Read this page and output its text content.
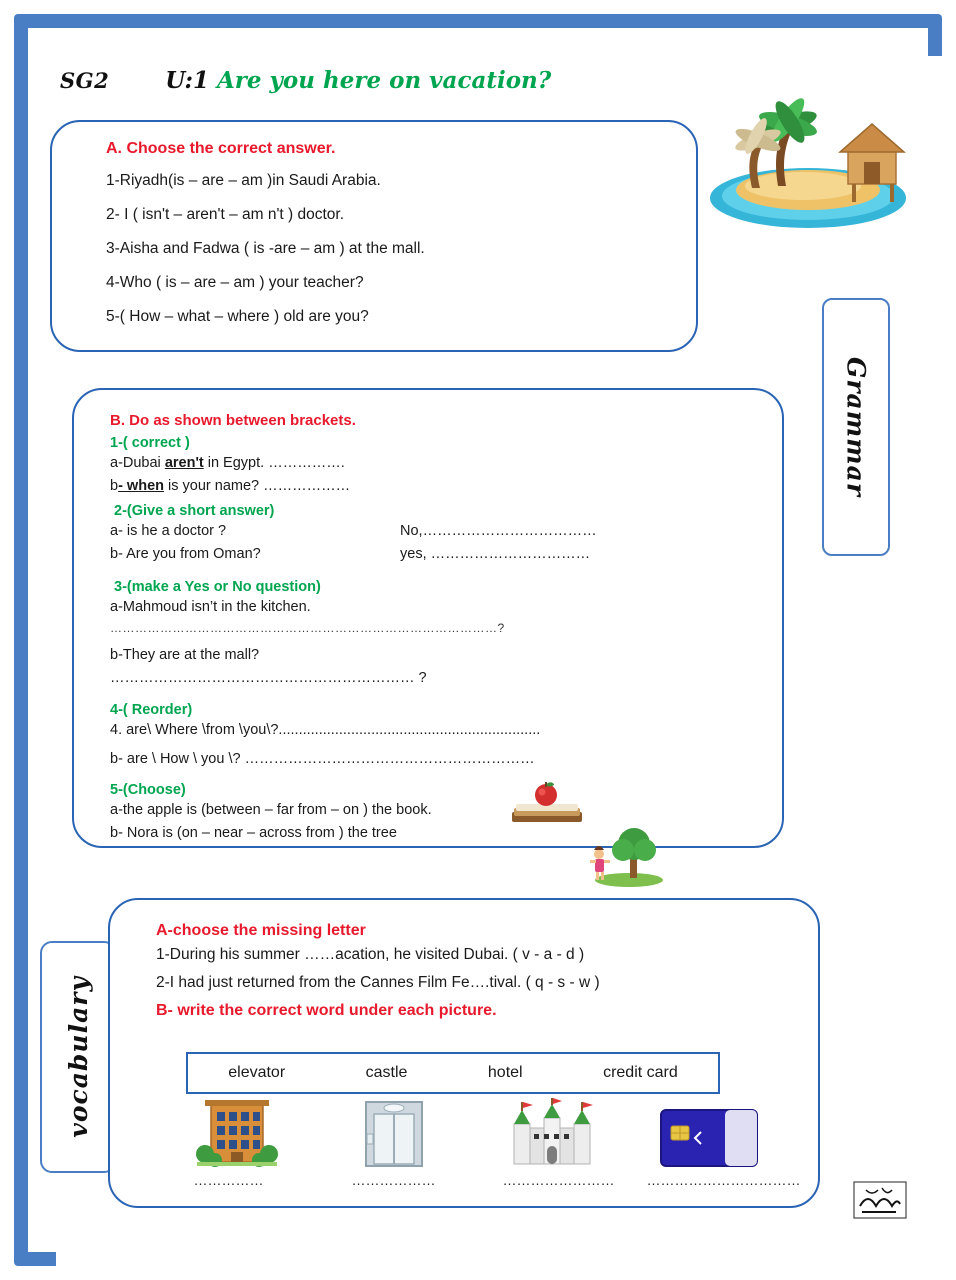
SG2 U:1 Are you here on vacation?
Grammar
vocabulary
A. Choose the correct answer.
1-Riyadh(is – are – am )in Saudi Arabia.
2- I ( isn't – aren't – am n't ) doctor.
3-Aisha and Fadwa ( is -are – am ) at the mall.
4-Who ( is – are – am ) your teacher?
5-( How – what – where ) old are you?
B. Do as shown between brackets.
1-( correct )
a-Dubai aren't in Egypt. …………….
b- when is your name? ………………
2-(Give a short answer)
a- is he a doctor ?	No,………………………………
b- Are you from Oman?	yes, ……………………………
3-(make a Yes or No question)
a-Mahmoud isn’t in the kitchen.
…………………………………………………………………………………?
b-They are at the mall?
……………………………………………………… ?
4-( Reorder)
4. are\ Where \from \you\?.................................................................
b- are \ How \ you \? ……………………………………………………
5-(Choose)
a-the apple is (between – far from – on ) the book.
b- Nora is (on – near – across from ) the tree
A-choose the missing letter
1-During his summer ……acation, he visited Dubai. ( v - a - d )
2-I had just returned from the Cannes Film Fe….tival. ( q - s - w )
B- write the correct word under each picture.
elevator	castle	hotel	credit card
……………	………………	……………………	……………………………
